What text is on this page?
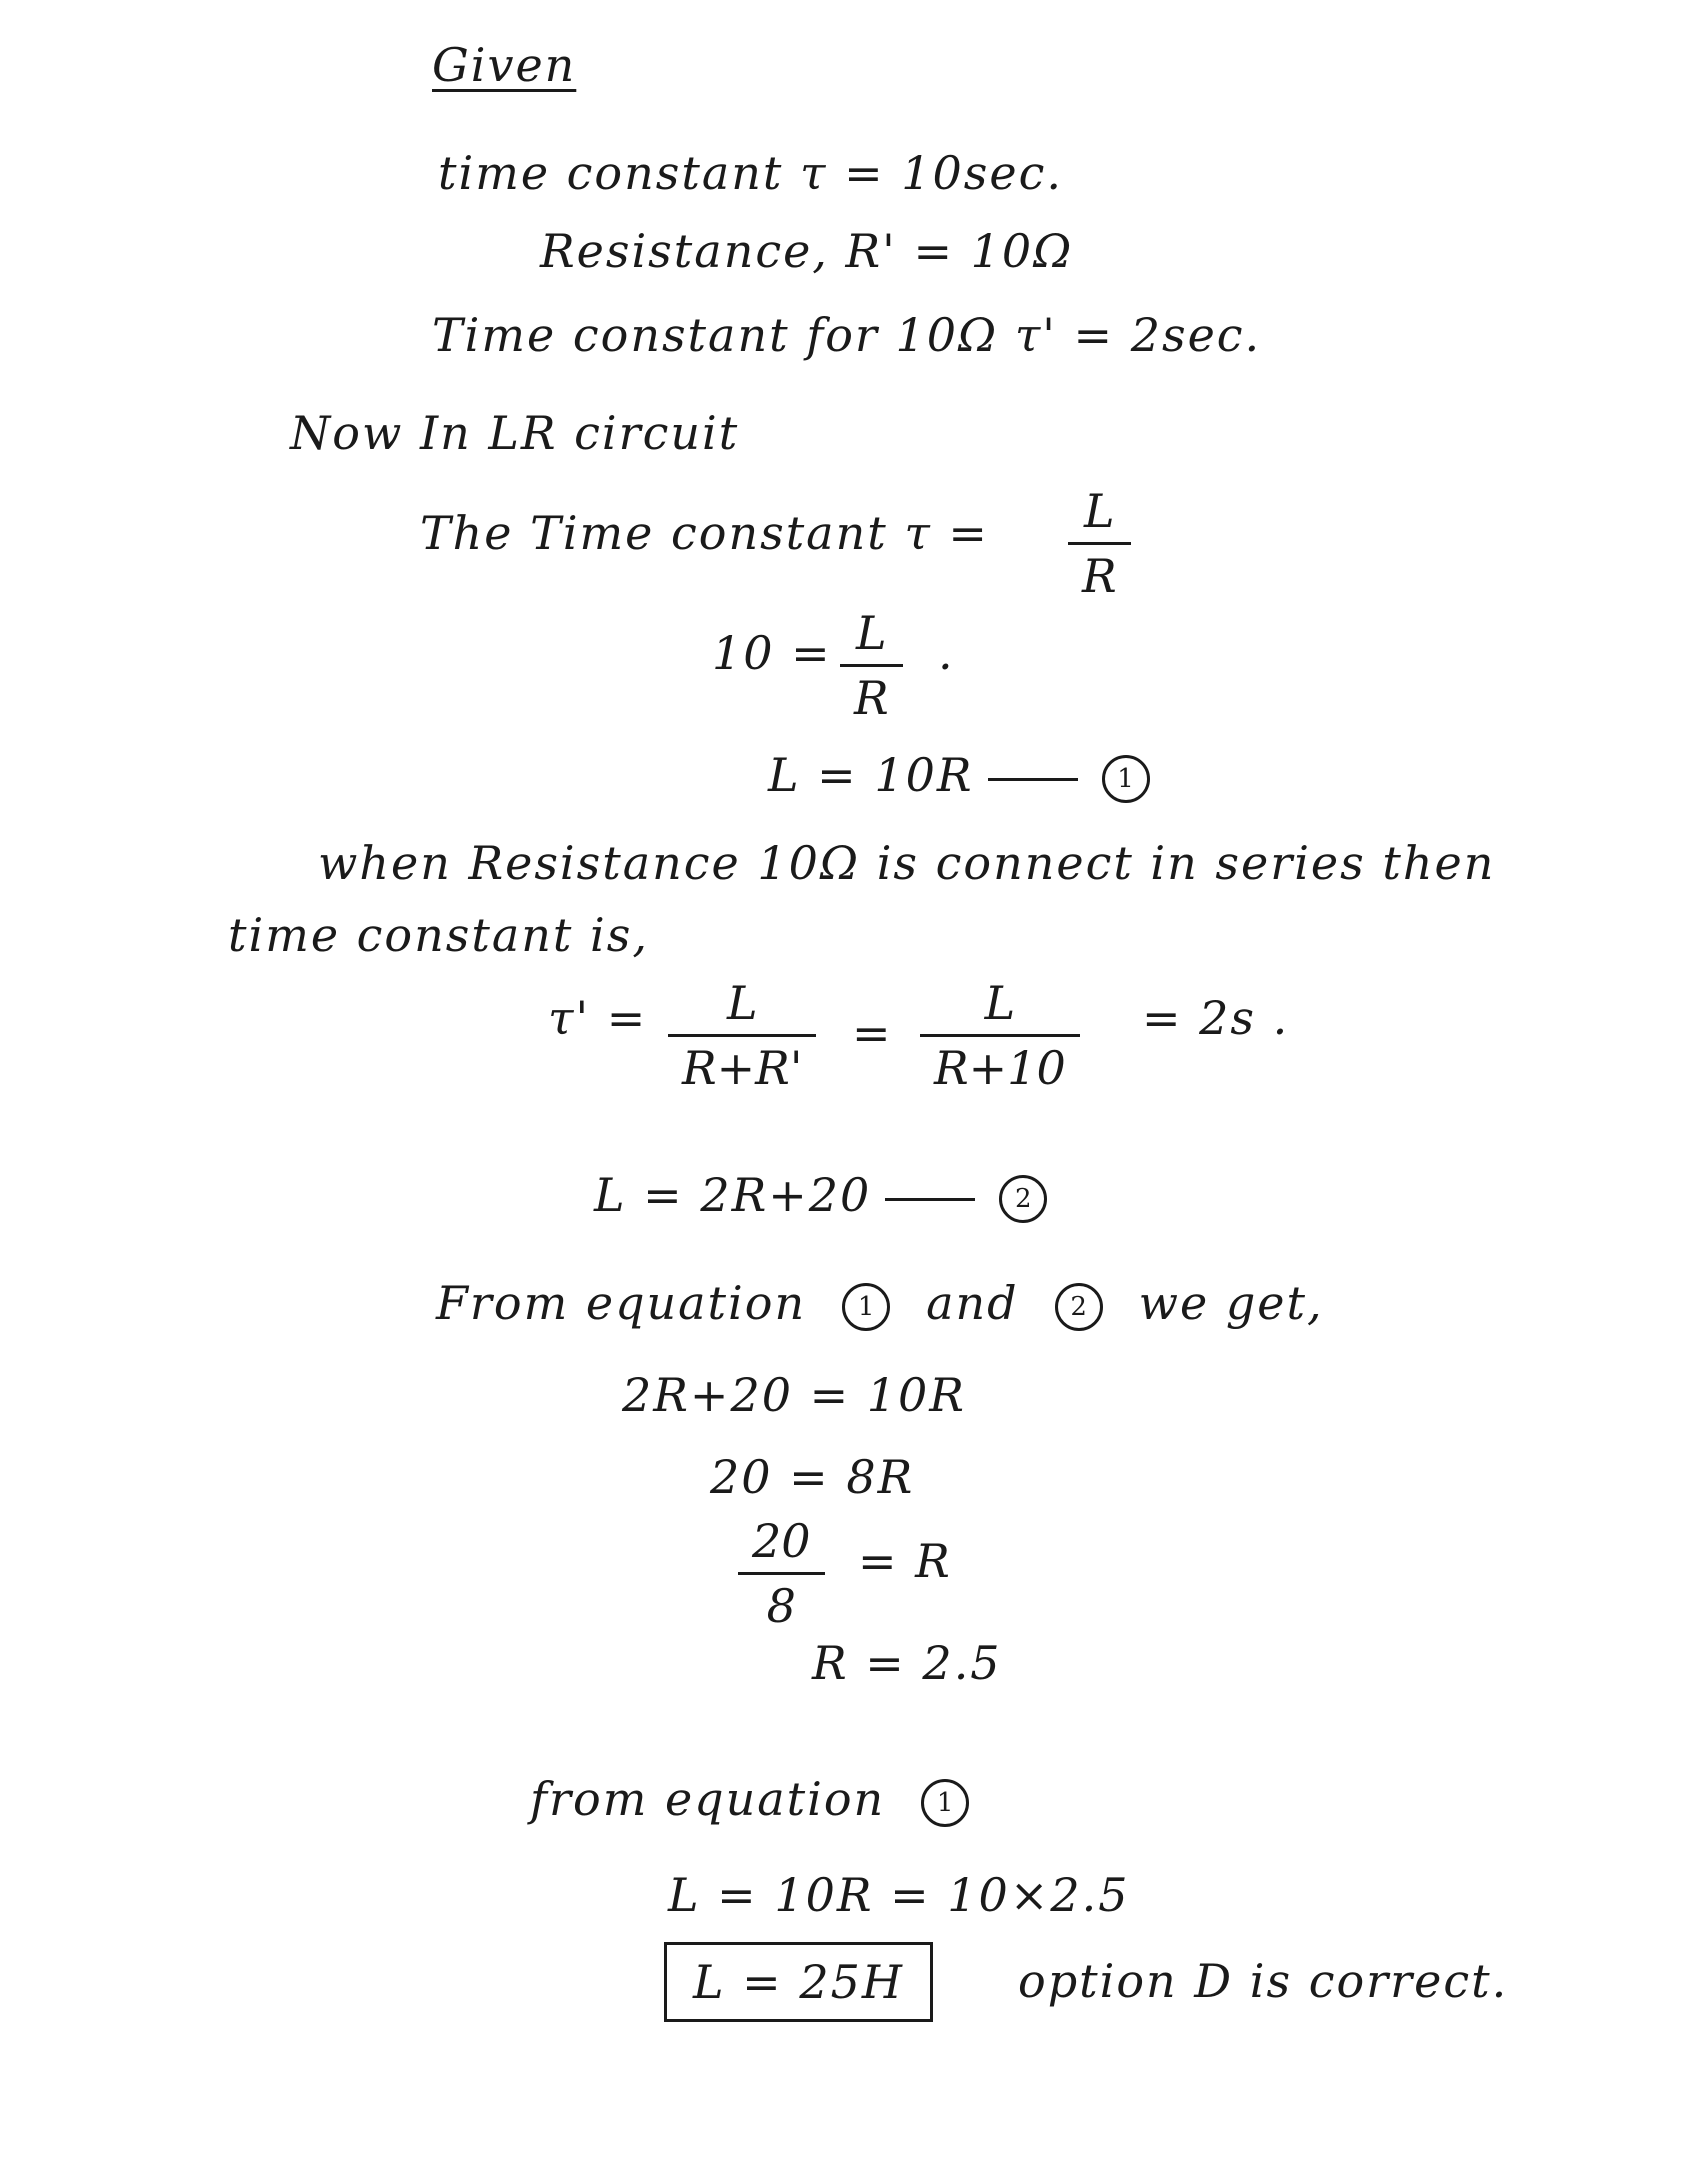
Given
time constant τ = 10sec.
Resistance, R' = 10Ω
Time constant for 10Ω τ' = 2sec.
Now In LR circuit
The Time constant τ =	L
R
10 = L
R
.
L = 10R	1
when Resistance 10Ω is connect in series then
time constant is,
τ' =	L
R+R'
=
L
R+10
= 2s .
L = 2R+20	2
From equation 1 and 2 we get,
2R+20 = 10R
20 = 8R
20
8
= R
R = 2.5
from equation 1
L = 10R = 10×2.5
L = 25H	option D is correct.
